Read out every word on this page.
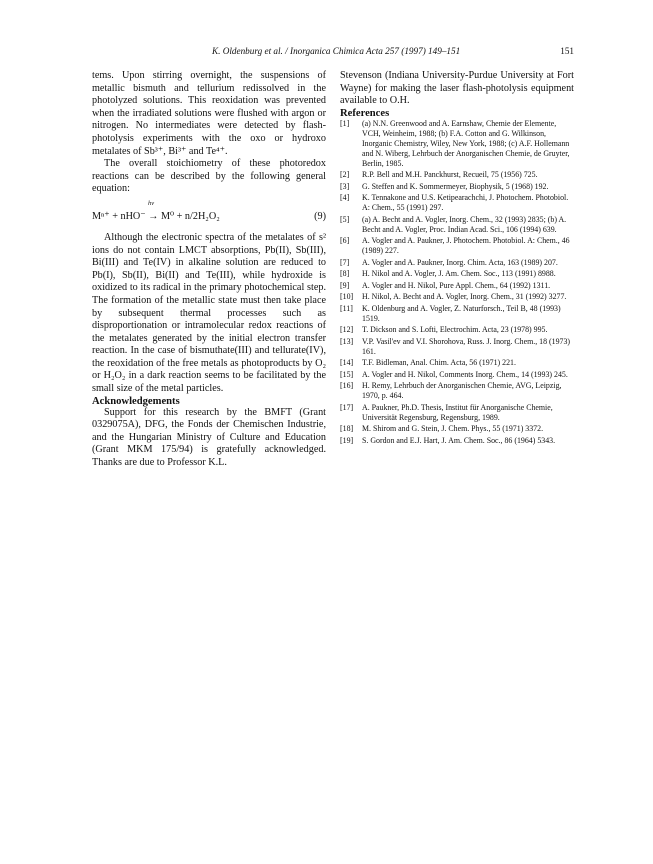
K. Oldenburg et al. / Inorganica Chimica Acta 257 (1997) 149–151	151

tems. Upon stirring overnight, the suspensions of metallic bismuth and tellurium redissolved in the photolyzed solutions. This reoxidation was prevented when the irradiated solutions were flushed with argon or nitrogen. No intermediates were detected by flash-photolysis experiments with the oxo or hydroxo metalates of Sb³⁺, Bi³⁺ and Te⁴⁺.

The overall stoichiometry of these photoredox reactions can be described by the following general equation:

hν
Mⁿ⁺ + nHO⁻ → M⁰ + n/2H₂O₂	(9)

Although the electronic spectra of the metalates of s² ions do not contain LMCT absorptions, Pb(II), Sb(III), Bi(III) and Te(IV) in alkaline solution are reduced to Pb(I), Sb(II), Bi(II) and Te(III), while hydroxide is oxidized to its radical in the primary photochemical step. The formation of the metallic state must then take place by subsequent thermal processes such as disproportionation or intramolecular redox reactions of the metalates generated by the initial electron transfer reaction. In the case of bismuthate(III) and tellurate(IV), the reoxidation of the free metals as photoproducts by O₂ or H₂O₂ in a dark reaction seems to be facilitated by the small size of the metal particles.

Acknowledgements

Support for this research by the BMFT (Grant 0329075A), DFG, the Fonds der Chemischen Industrie, and the Hungarian Ministry of Culture and Education (Grant MKM 175/94) is gratefully acknowledged. Thanks are due to Professor K.L.

Stevenson (Indiana University-Purdue University at Fort Wayne) for making the laser flash-photolysis equipment available to O.H.

References
[1] (a) N.N. Greenwood and A. Earnshaw, Chemie der Elemente, VCH, Weinheim, 1988; (b) F.A. Cotton and G. Wilkinson, Inorganic Chemistry, Wiley, New York, 1988; (c) A.F. Hollemann and N. Wiberg, Lehrbuch der Anorganischen Chemie, de Gruyter, Berlin, 1985.
[2] R.P. Bell and M.H. Panckhurst, Recueil, 75 (1956) 725.
[3] G. Steffen and K. Sommermeyer, Biophysik, 5 (1968) 192.
[4] K. Tennakone and U.S. Ketipearachchi, J. Photochem. Photobiol. A: Chem., 55 (1991) 297.
[5] (a) A. Becht and A. Vogler, Inorg. Chem., 32 (1993) 2835; (b) A. Becht and A. Vogler, Proc. Indian Acad. Sci., 106 (1994) 639.
[6] A. Vogler and A. Paukner, J. Photochem. Photobiol. A: Chem., 46 (1989) 227.
[7] A. Vogler and A. Paukner, Inorg. Chim. Acta, 163 (1989) 207.
[8] H. Nikol and A. Vogler, J. Am. Chem. Soc., 113 (1991) 8988.
[9] A. Vogler and H. Nikol, Pure Appl. Chem., 64 (1992) 1311.
[10] H. Nikol, A. Becht and A. Vogler, Inorg. Chem., 31 (1992) 3277.
[11] K. Oldenburg and A. Vogler, Z. Naturforsch., Teil B, 48 (1993) 1519.
[12] T. Dickson and S. Lofti, Electrochim. Acta, 23 (1978) 995.
[13] V.P. Vasil'ev and V.I. Shorohova, Russ. J. Inorg. Chem., 18 (1973) 161.
[14] T.F. Bidleman, Anal. Chim. Acta, 56 (1971) 221.
[15] A. Vogler and H. Nikol, Comments Inorg. Chem., 14 (1993) 245.
[16] H. Remy, Lehrbuch der Anorganischen Chemie, AVG, Leipzig, 1970, p. 464.
[17] A. Paukner, Ph.D. Thesis, Institut für Anorganische Chemie, Universität Regensburg, Regensburg, 1989.
[18] M. Shirom and G. Stein, J. Chem. Phys., 55 (1971) 3372.
[19] S. Gordon and E.J. Hart, J. Am. Chem. Soc., 86 (1964) 5343.
